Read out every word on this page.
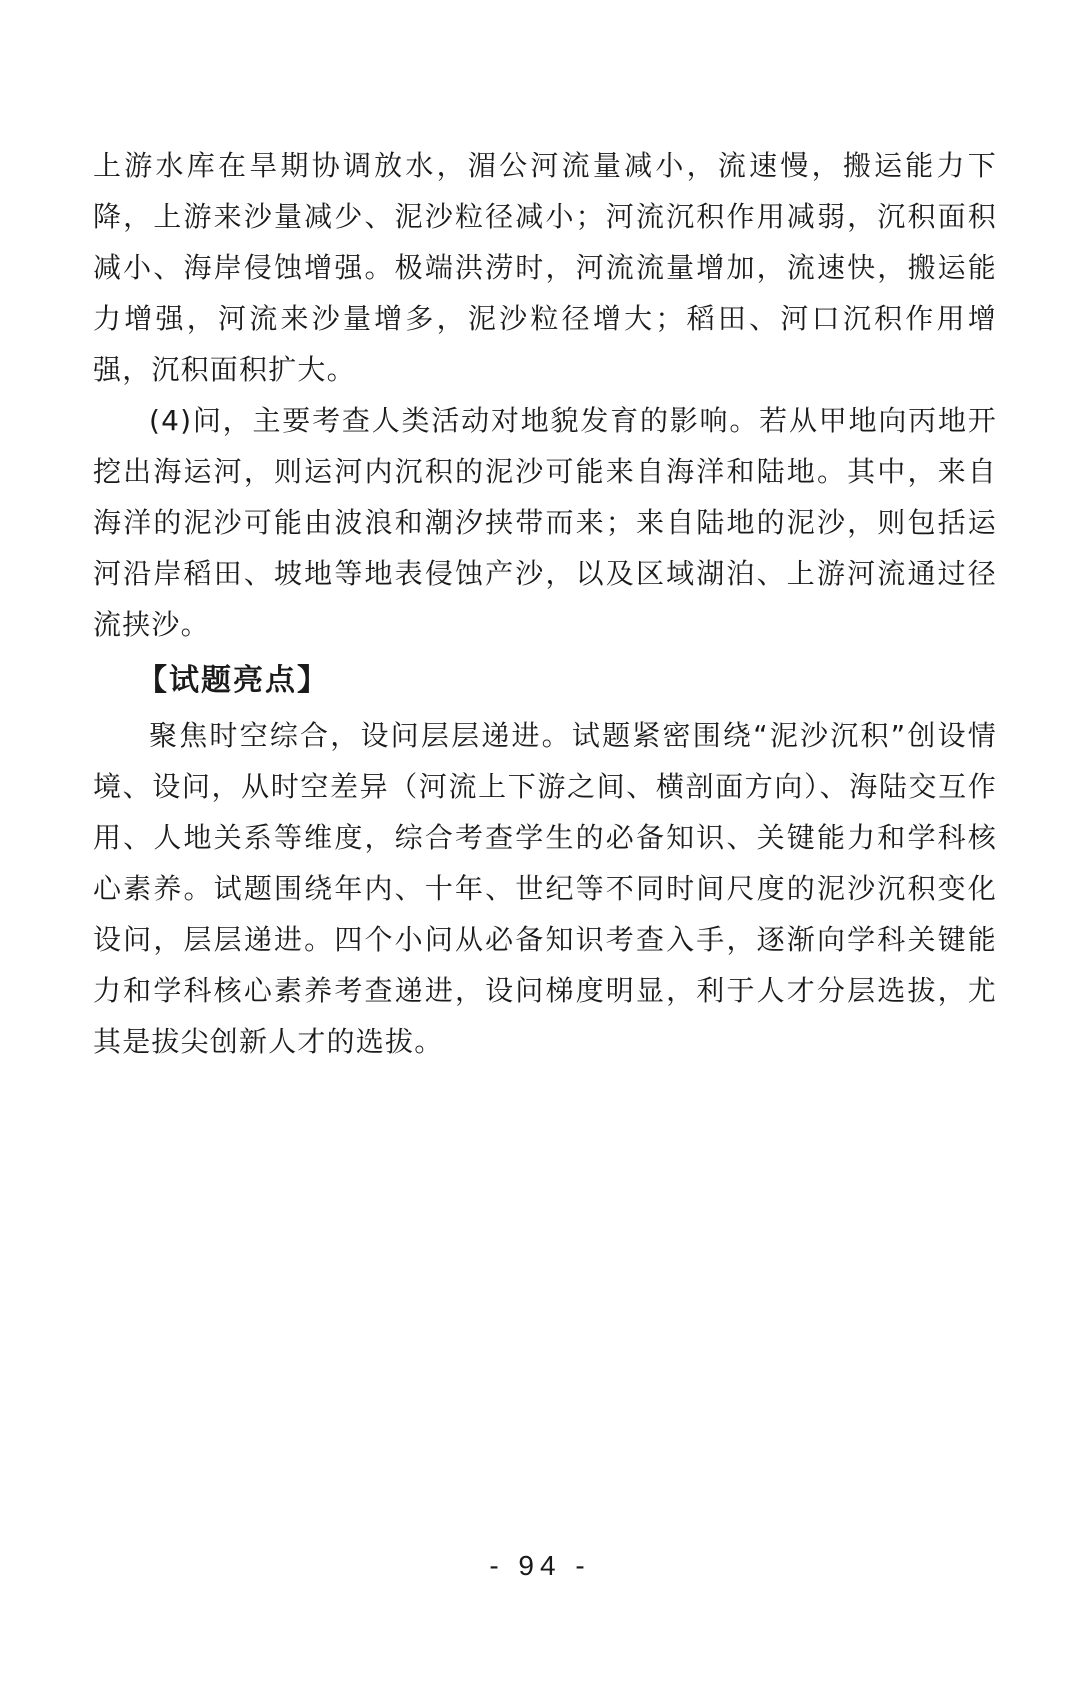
上游水库在旱期协调放水，湄公河流量减小，流速慢，搬运能力下降，上游来沙量减少、泥沙粒径减小；河流沉积作用减弱，沉积面积减小、海岸侵蚀增强。极端洪涝时，河流流量增加，流速快，搬运能力增强，河流来沙量增多，泥沙粒径增大；稻田、河口沉积作用增强，沉积面积扩大。

(4)问，主要考查人类活动对地貌发育的影响。若从甲地向丙地开挖出海运河，则运河内沉积的泥沙可能来自海洋和陆地。其中，来自海洋的泥沙可能由波浪和潮汐挟带而来；来自陆地的泥沙，则包括运河沿岸稻田、坡地等地表侵蚀产沙，以及区域湖泊、上游河流通过径流挟沙。

【试题亮点】

聚焦时空综合，设问层层递进。试题紧密围绕“泥沙沉积”创设情境、设问，从时空差异（河流上下游之间、横剖面方向）、海陆交互作用、人地关系等维度，综合考查学生的必备知识、关键能力和学科核心素养。试题围绕年内、十年、世纪等不同时间尺度的泥沙沉积变化设问，层层递进。四个小问从必备知识考查入手，逐渐向学科关键能力和学科核心素养考查递进，设问梯度明显，利于人才分层选拔，尤其是拔尖创新人才的选拔。

- 94 -
